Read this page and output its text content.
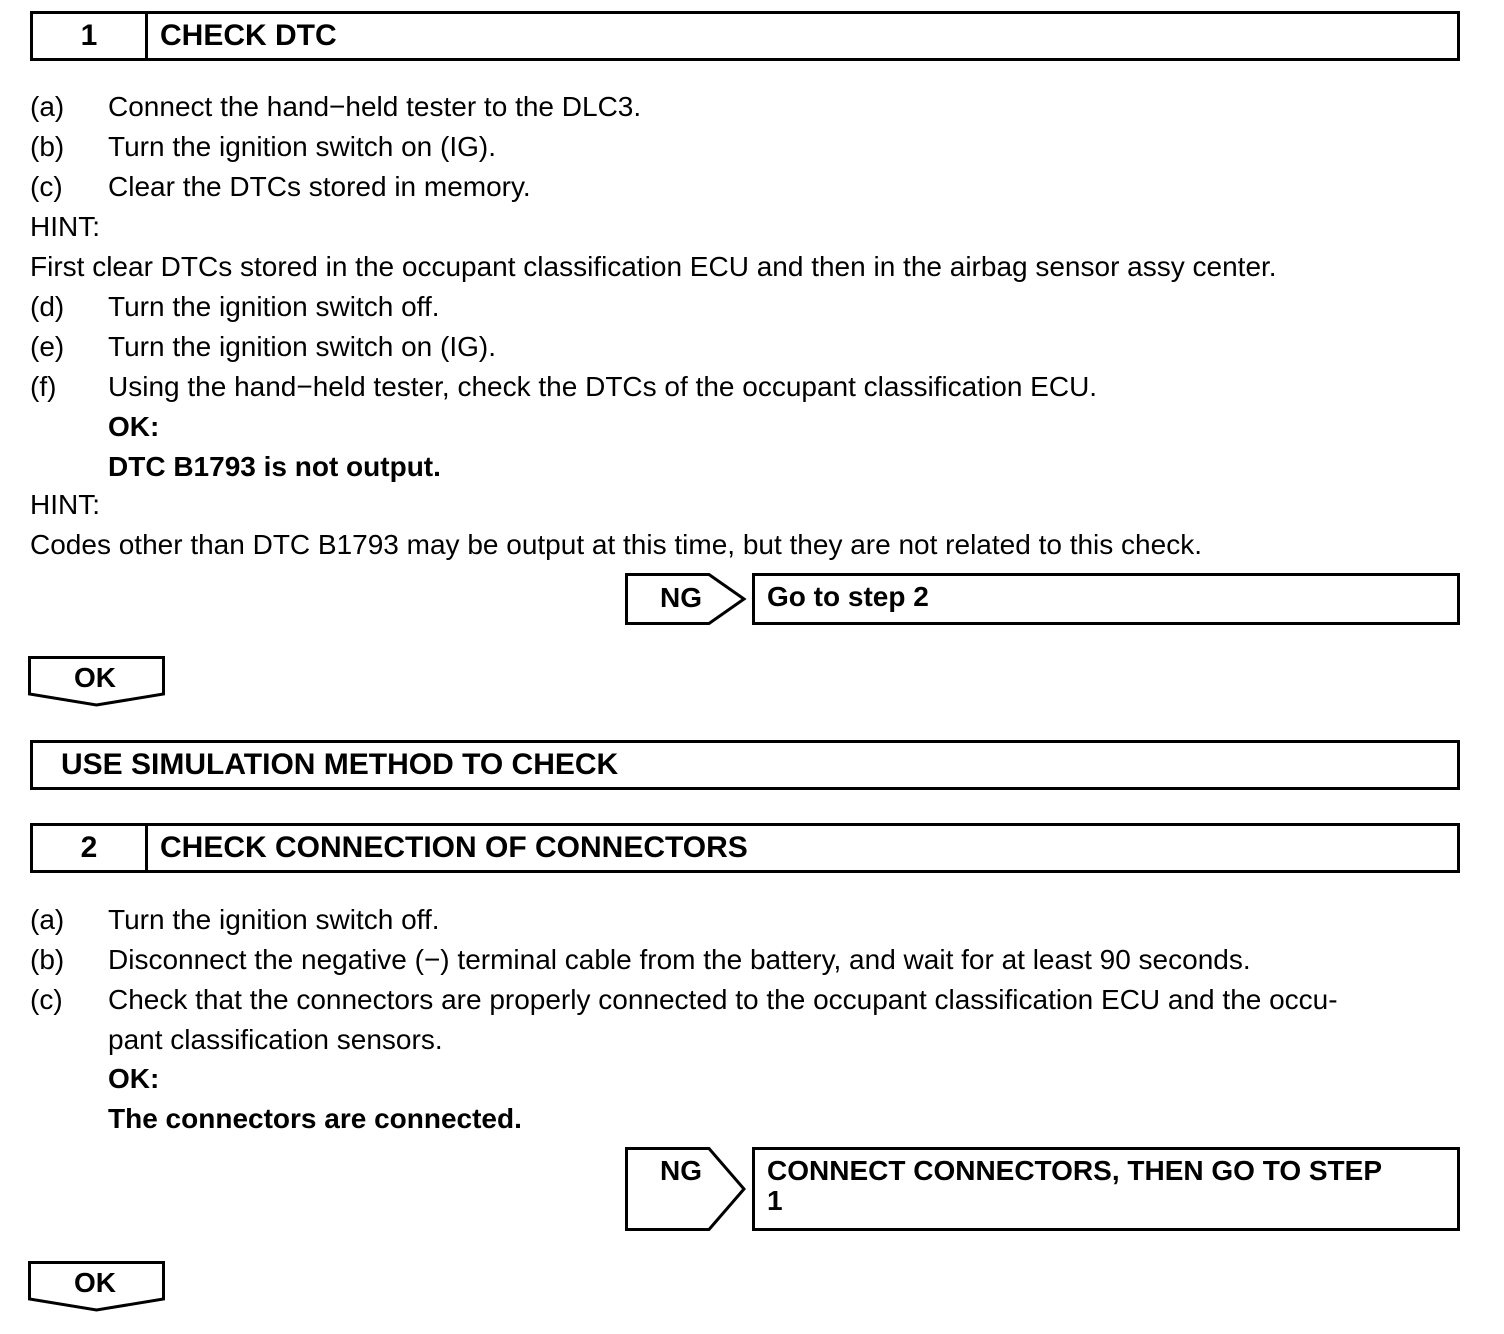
1	CHECK DTC
(a) Connect the hand−held tester to the DLC3.
(b) Turn the ignition switch on (IG).
(c) Clear the DTCs stored in memory.
HINT:
First clear DTCs stored in the occupant classification ECU and then in the airbag sensor assy center.
(d) Turn the ignition switch off.
(e) Turn the ignition switch on (IG).
(f) Using the hand−held tester, check the DTCs of the occupant classification ECU.
OK:
DTC B1793 is not output.
HINT:
Codes other than DTC B1793 may be output at this time, but they are not related to this check.
NG	Go to step 2
OK
USE SIMULATION METHOD TO CHECK
2	CHECK CONNECTION OF CONNECTORS
(a) Turn the ignition switch off.
(b) Disconnect the negative (−) terminal cable from the battery, and wait for at least 90 seconds.
(c) Check that the connectors are properly connected to the occupant classification ECU and the occu-
pant classification sensors.
OK:
The connectors are connected.
NG	CONNECT CONNECTORS, THEN GO TO STEP
1
OK
